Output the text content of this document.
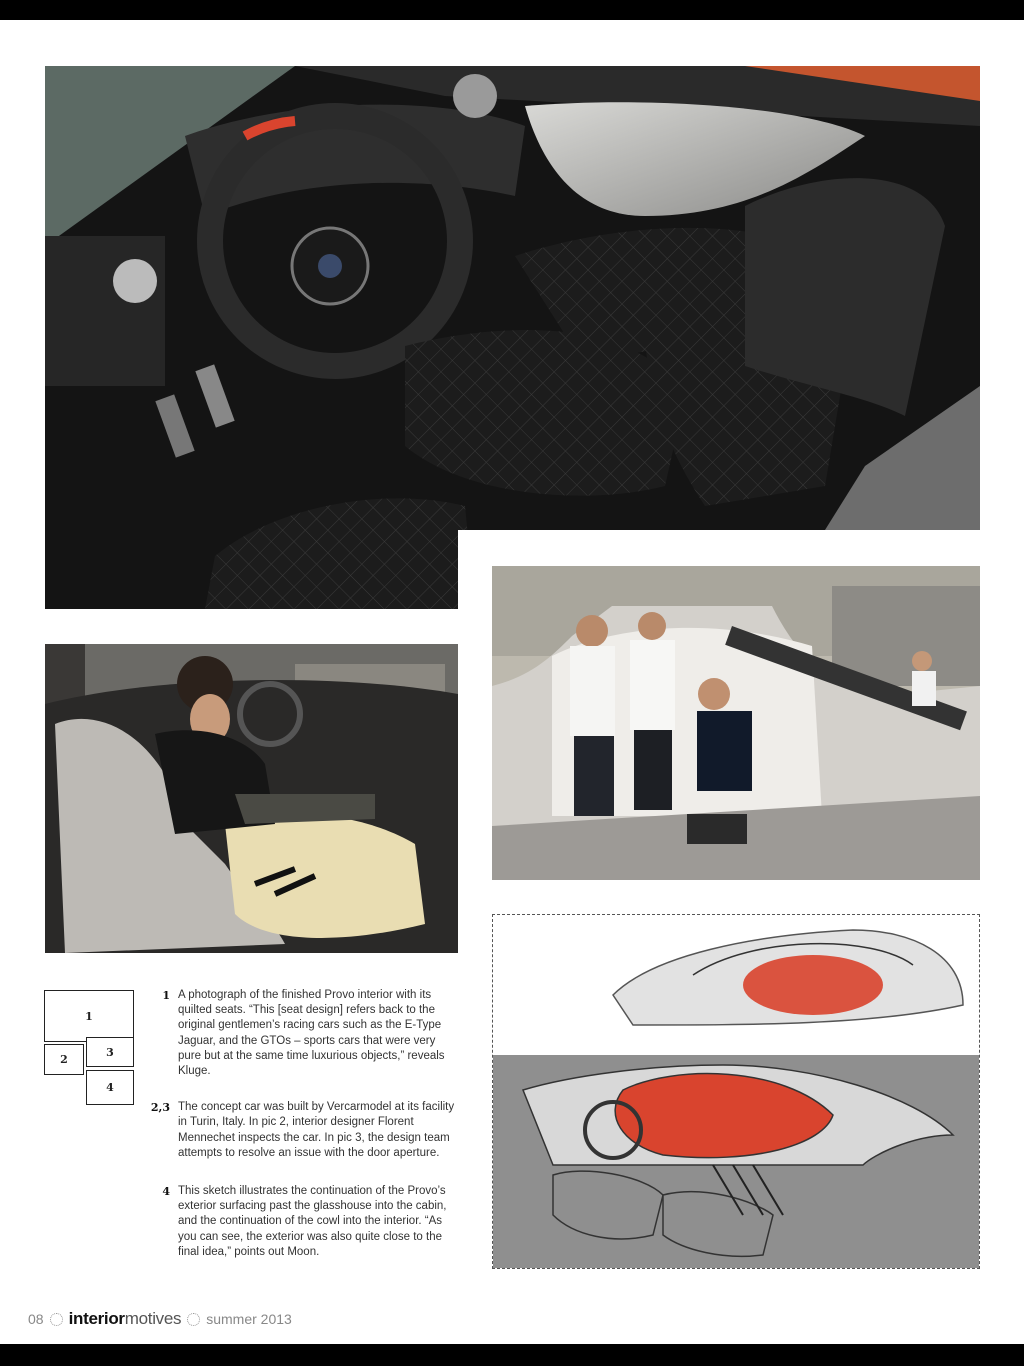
1
2
3
4
1 A photograph of the finished Provo interior with its quilted seats. “This [seat design] refers back to the original gentlemen’s racing cars such as the E-Type Jaguar, and the GTOs – sports cars that were very pure but at the same time luxurious objects,” reveals Kluge.
2,3 The concept car was built by Vercarmodel at its facility in Turin, Italy. In pic 2, interior designer Florent Mennechet inspects the car. In pic 3, the design team attempts to resolve an issue with the door aperture.
4 This sketch illustrates the continuation of the Provo’s exterior surfacing past the glasshouse into the cabin, and the continuation of the cowl into the interior. “As you can see, the exterior was also quite close to the final idea,” points out Moon.
08 interiormotives summer 2013
